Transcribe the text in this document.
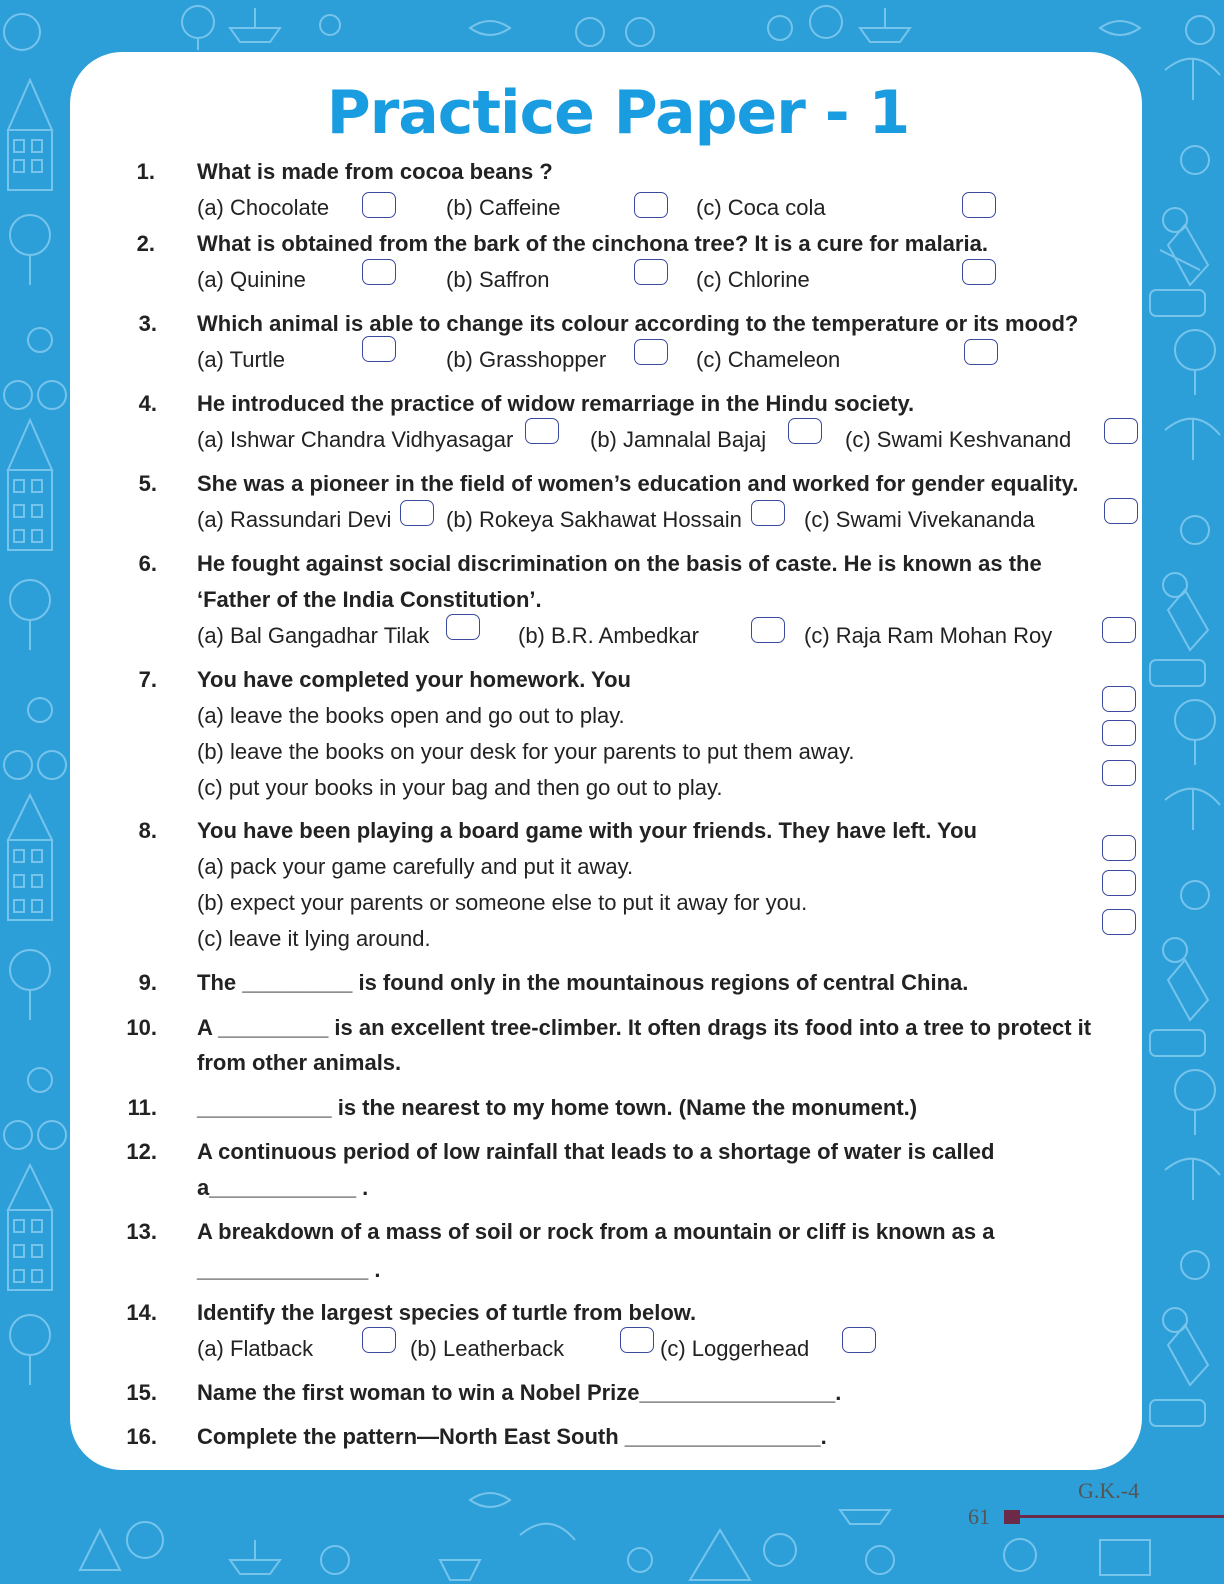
Practice Paper - 1
1. What is made from cocoa beans ?
(a) Chocolate	(b) Caffeine	(c) Coca cola
2. What is obtained from the bark of the cinchona tree? It is a cure for malaria.
(a) Quinine	(b) Saffron	(c) Chlorine
3. Which animal is able to change its colour according to the temperature or its mood?
(a) Turtle	(b) Grasshopper	(c) Chameleon
4. He introduced the practice of widow remarriage in the Hindu society.
(a) Ishwar Chandra Vidhyasagar	(b) Jamnalal Bajaj	(c) Swami Keshvanand
5. She was a pioneer in the field of women’s education and worked for gender equality.
(a) Rassundari Devi (b) Rokeya Sakhawat Hossain	(c) Swami Vivekananda
6. He fought against social discrimination on the basis of caste. He is known as the
‘Father of the India Constitution’.
(a) Bal Gangadhar Tilak	(b) B.R. Ambedkar	(c) Raja Ram Mohan Roy
7. You have completed your homework. You
(a) leave the books open and go out to play.
(b) leave the books on your desk for your parents to put them away.
(c) put your books in your bag and then go out to play.
8. You have been playing a board game with your friends. They have left. You
(a) pack your game carefully and put it away.
(b) expect your parents or someone else to put it away for you.
(c) leave it lying around.
9. The _________ is found only in the mountainous regions of central China.
10. A _________ is an excellent tree-climber. It often drags its food into a tree to protect it
from other animals.
11. ___________ is the nearest to my home town. (Name the monument.)
12. A continuous period of low rainfall that leads to a shortage of water is called
a____________ .
13. A breakdown of a mass of soil or rock from a mountain or cliff is known as a
______________ .
14. Identify the largest species of turtle from below.
(a) Flatback	(b) Leatherback	(c) Loggerhead
15. Name the first woman to win a Nobel Prize________________.
16. Complete the pattern—North East South ________________.
G.K.-4
61
